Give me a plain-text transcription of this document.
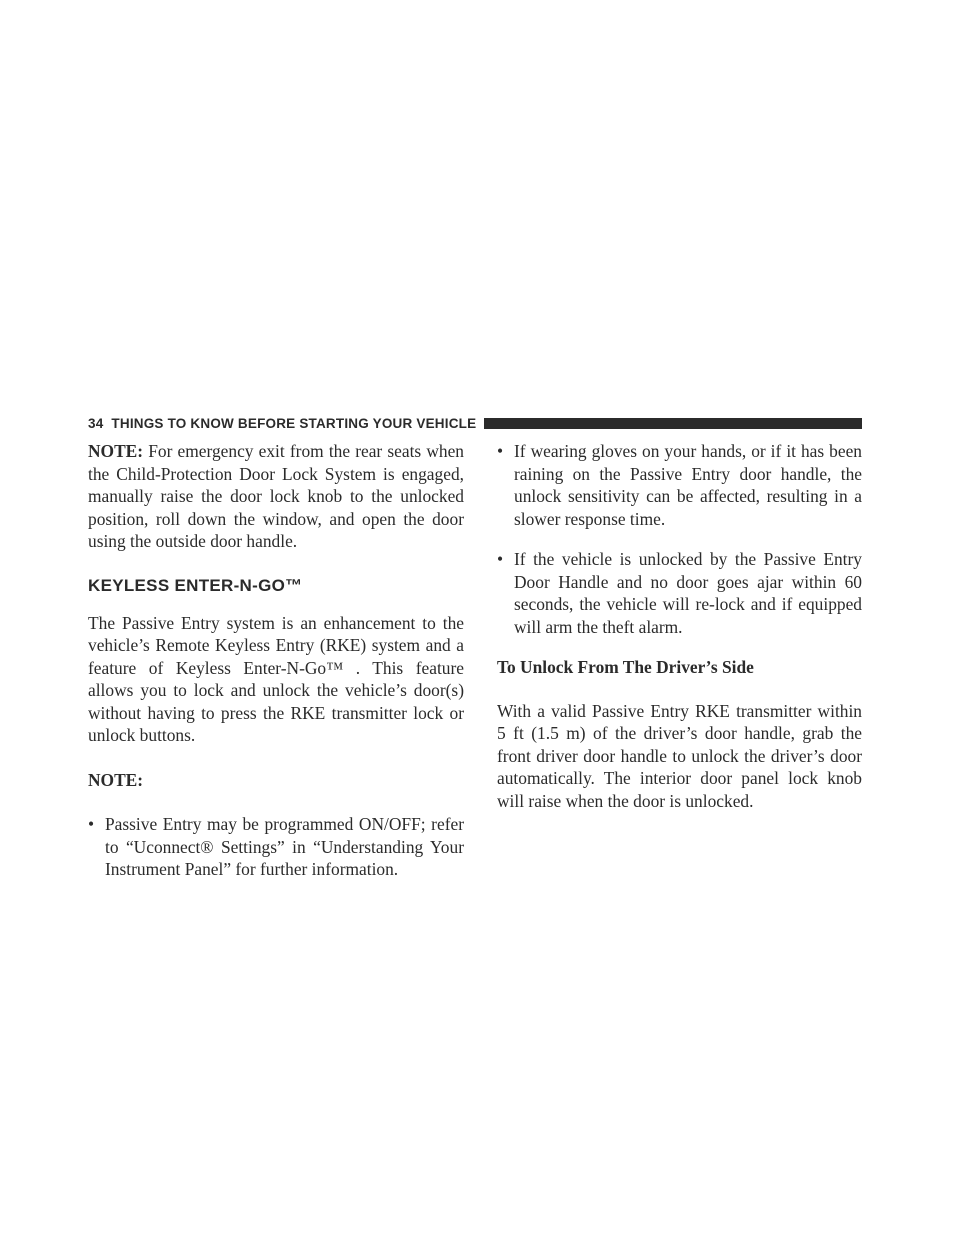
34 THINGS TO KNOW BEFORE STARTING YOUR VEHICLE

NOTE: For emergency exit from the rear seats when the Child-Protection Door Lock System is engaged, manually raise the door lock knob to the unlocked position, roll down the window, and open the door using the outside door handle.

KEYLESS ENTER-N-GO™

The Passive Entry system is an enhancement to the vehicle’s Remote Keyless Entry (RKE) system and a feature of Keyless Enter-N-Go™ . This feature allows you to lock and unlock the vehicle’s door(s) without having to press the RKE transmitter lock or unlock buttons.

NOTE:

• Passive Entry may be programmed ON/OFF; refer to “Uconnect® Settings” in “Understanding Your Instrument Panel” for further information.
• If wearing gloves on your hands, or if it has been raining on the Passive Entry door handle, the unlock sensitivity can be affected, resulting in a slower response time.
• If the vehicle is unlocked by the Passive Entry Door Handle and no door goes ajar within 60 seconds, the vehicle will re-lock and if equipped will arm the theft alarm.

To Unlock From The Driver’s Side

With a valid Passive Entry RKE transmitter within 5 ft (1.5 m) of the driver’s door handle, grab the front driver door handle to unlock the driver’s door automatically. The interior door panel lock knob will raise when the door is unlocked.
